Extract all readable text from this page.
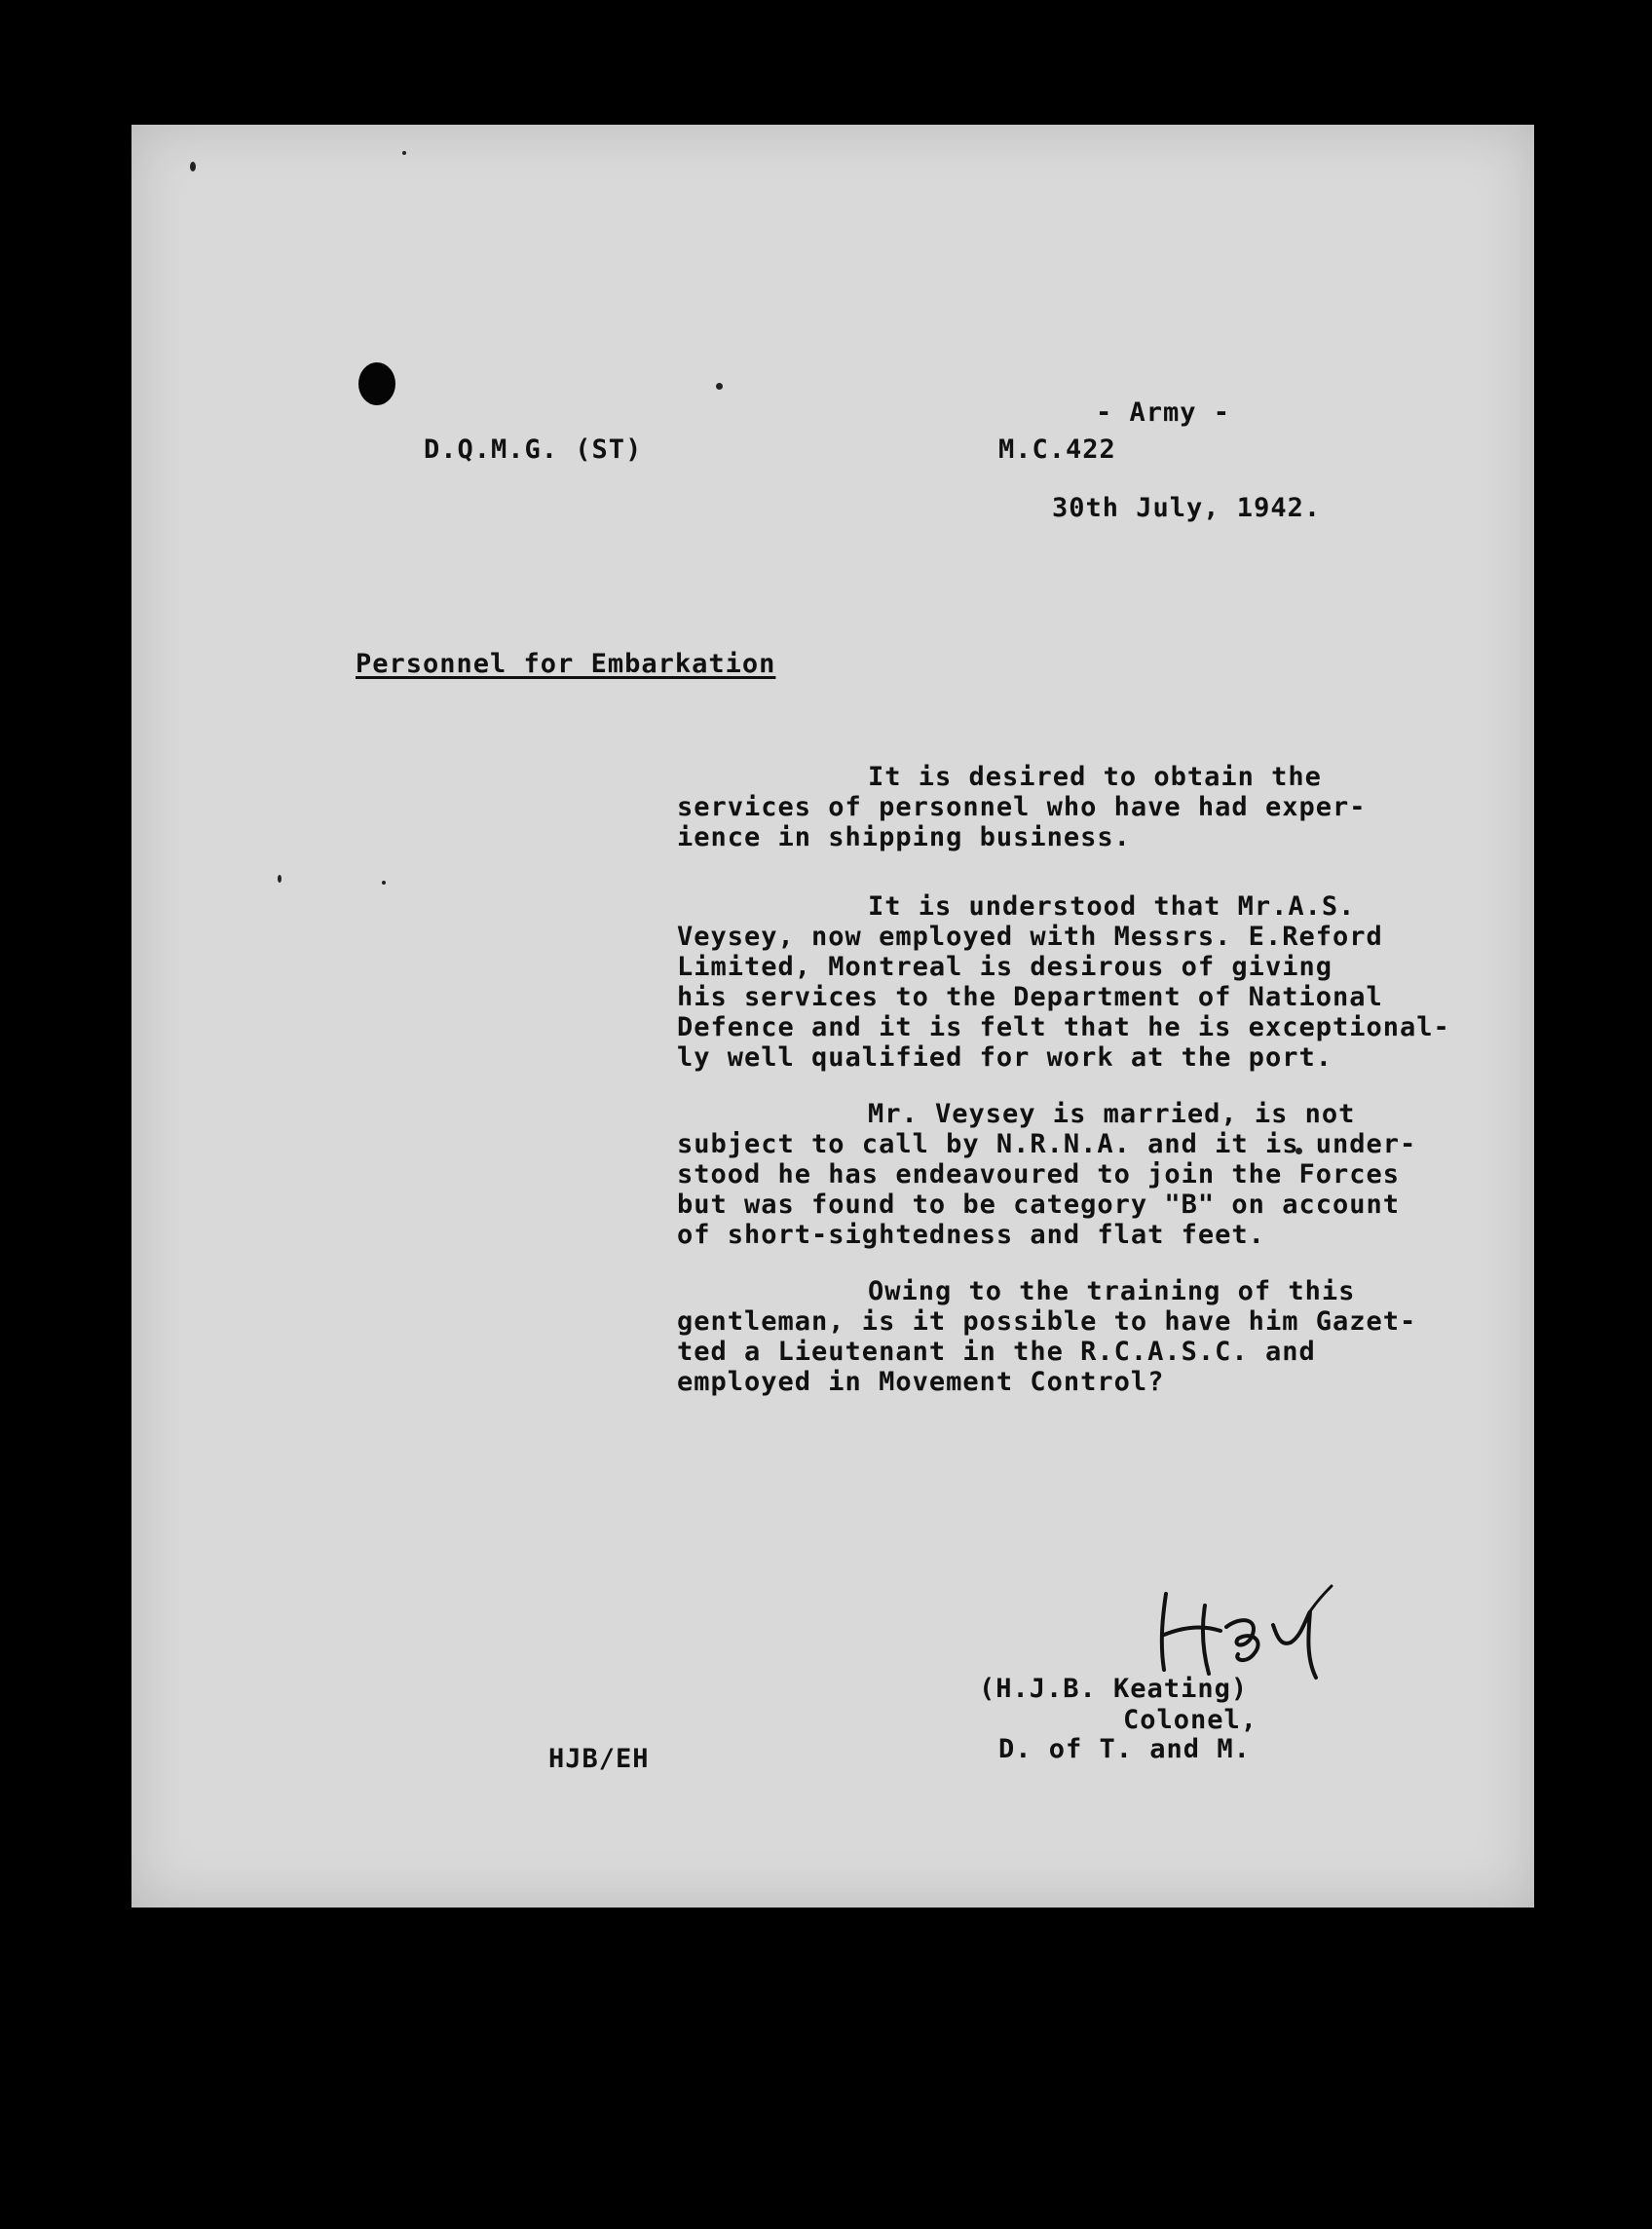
- Army -
D.Q.M.G. (ST)	M.C.422
30th July, 1942.
Personnel for Embarkation
It is desired to obtain the
services of personnel who have had exper-
ience in shipping business.
It is understood that Mr.A.S.
Veysey, now employed with Messrs. E.Reford
Limited, Montreal is desirous of giving
his services to the Department of National
Defence and it is felt that he is exceptional-
ly well qualified for work at the port.
Mr. Veysey is married, is not
subject to call by N.R.N.A. and it is under-
stood he has endeavoured to join the Forces
but was found to be category "B" on account
of short-sightedness and flat feet.
Owing to the training of this
gentleman, is it possible to have him Gazet-
ted a Lieutenant in the R.C.A.S.C. and
employed in Movement Control?
(H.J.B. Keating)
Colonel,
D. of T. and M.
HJB/EH
